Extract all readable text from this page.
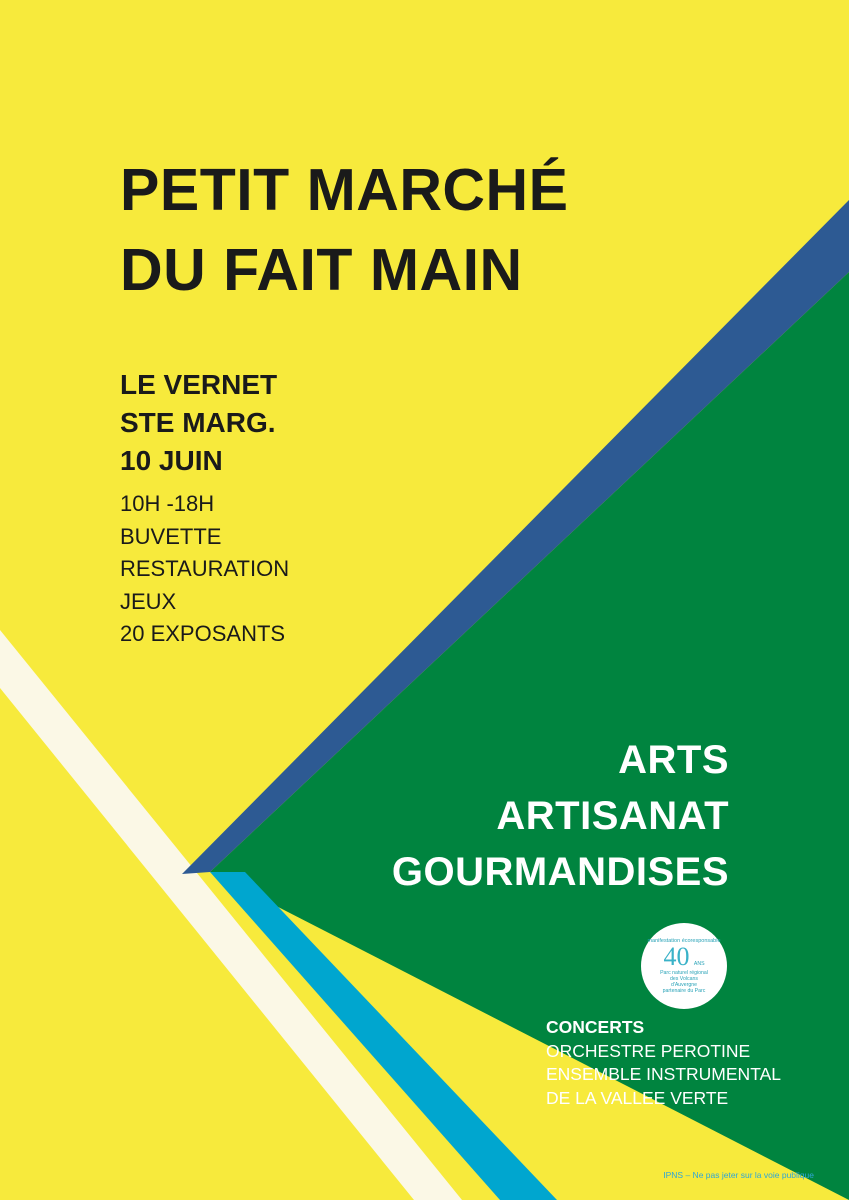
PETIT MARCHÉ
DU FAIT MAIN
LE VERNET
STE MARG.
10 JUIN
10H -18H
BUVETTE
RESTAURATION
JEUX
20 EXPOSANTS
ARTS
ARTISANAT
GOURMANDISES
manifestation écoresponsable
40 ANS
Parc naturel régional
des Volcans
d'Auvergne
partenaire du Parc
CONCERTS
ORCHESTRE PEROTINE
ENSEMBLE INSTRUMENTAL
DE LA VALLEE VERTE
IPNS – Ne pas jeter sur la voie publique
